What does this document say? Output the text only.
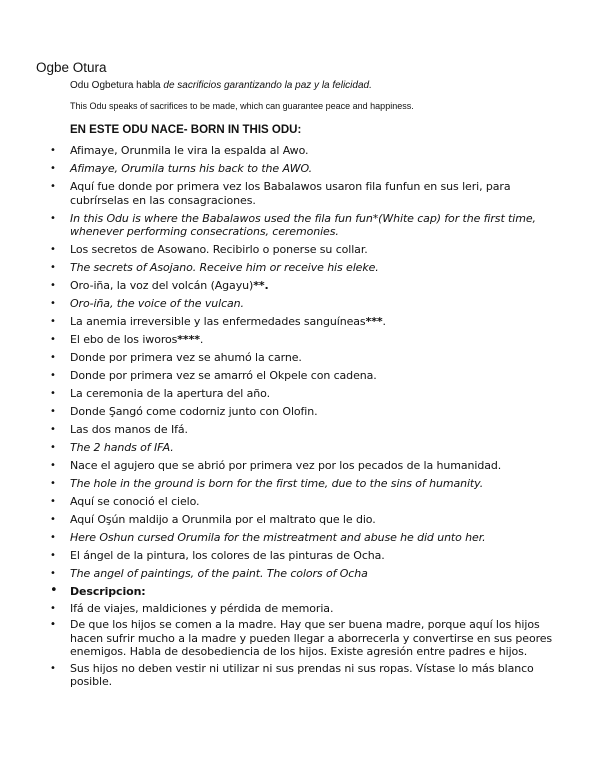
Ogbe Otura
Odu Ogbetura habla de sacrificios garantizando la paz y la felicidad.
This Odu speaks of sacrifices to be made, which can guarantee peace and happiness.
EN ESTE ODU NACE- BORN IN THIS ODU:
• Afimaye, Orunmila le vira la espalda al Awo.
• Afimaye, Orumila turns his back to the AWO.
• Aquí fue donde por primera vez los Babalawos usaron fila funfun en sus leri, para cubrírselas en las consagraciones.
• In this Odu is where the Babalawos used the fila fun fun*(White cap) for the first time, whenever performing consecrations, ceremonies.
• Los secretos de Asowano. Recibirlo o ponerse su collar.
• The secrets of Asojano. Receive him or receive his eleke.
• Oro-iña, la voz del volcán (Agayu)**.
• Oro-iña, the voice of the vulcan.
• La anemia irreversible y las enfermedades sanguíneas***.
• El ebo de los iworos****.
• Donde por primera vez se ahumó la carne.
• Donde por primera vez se amarró el Okpele con cadena.
• La ceremonia de la apertura del año.
• Donde Şangó come codorniz junto con Olofin.
• Las dos manos de Ifá.
• The 2 hands of IFA.
• Nace el agujero que se abrió por primera vez por los pecados de la humanidad.
• The hole in the ground is born for the first time, due to the sins of humanity.
• Aquí se conoció el cielo.
• Aquí Oşún maldijo a Orunmila por el maltrato que le dio.
• Here Oshun cursed Orumila for the mistreatment and abuse he did unto her.
• El ángel de la pintura, los colores de las pinturas de Ocha.
• The angel of paintings, of the paint. The colors of Ocha
• Descripcion:
• Ifá de viajes, maldiciones y pérdida de memoria.
• De que los hijos se comen a la madre. Hay que ser buena madre, porque aquí los hijos hacen sufrir mucho a la madre y pueden llegar a aborrecerla y convertirse en sus peores enemigos. Habla de desobediencia de los hijos. Existe agresión entre padres e hijos.
• Sus hijos no deben vestir ni utilizar ni sus prendas ni sus ropas. Vístase lo más blanco posible.
